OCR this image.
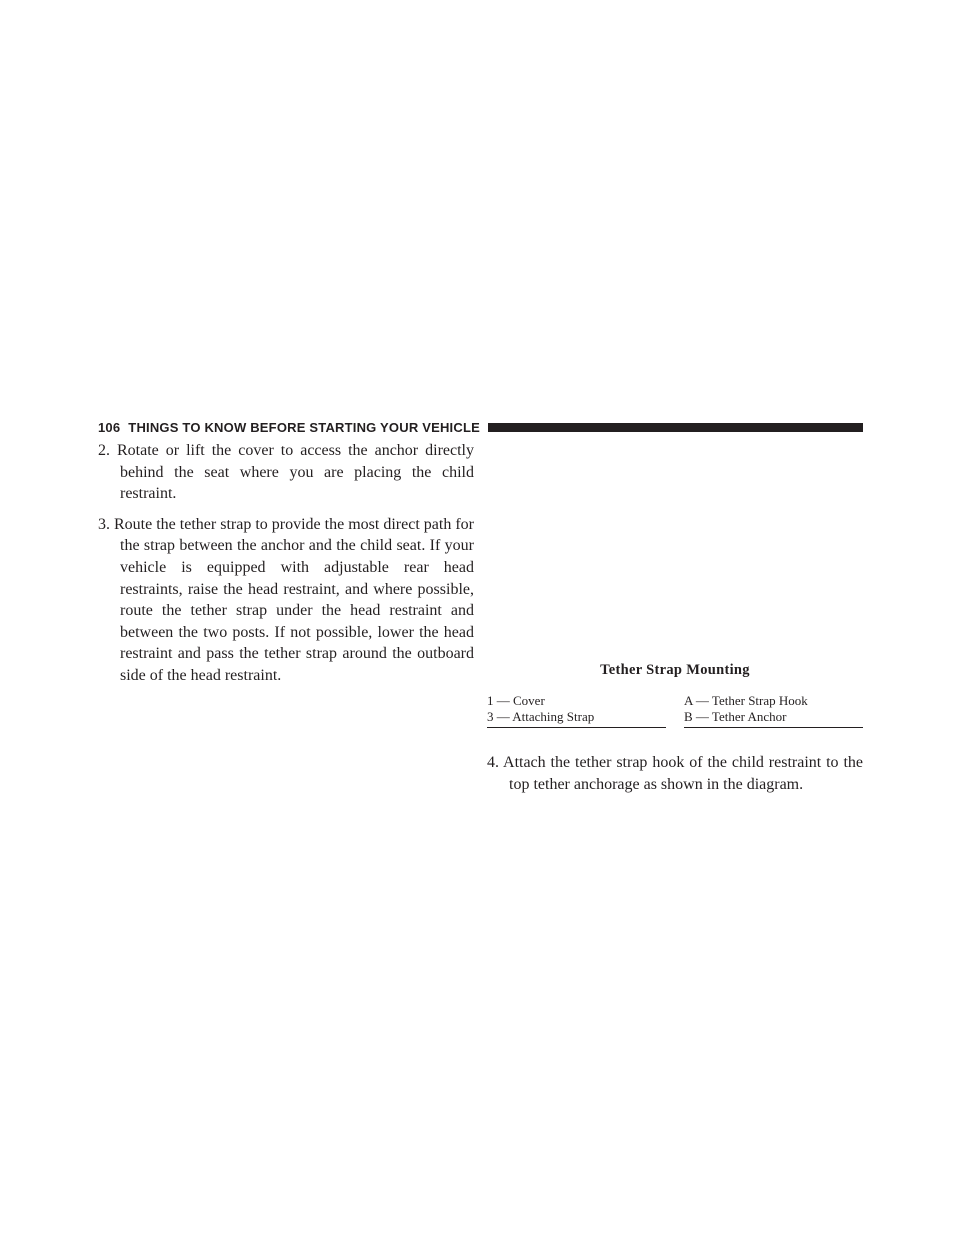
106 THINGS TO KNOW BEFORE STARTING YOUR VEHICLE

2. Rotate or lift the cover to access the anchor directly behind the seat where you are placing the child restraint.

3. Route the tether strap to provide the most direct path for the strap between the anchor and the child seat. If your vehicle is equipped with adjustable rear head restraints, raise the head restraint, and where possible, route the tether strap under the head restraint and between the two posts. If not possible, lower the head restraint and pass the tether strap around the outboard side of the head restraint.	Tether Strap Mounting
1 — Cover
3 — Attaching Strap
A — Tether Strap Hook
B — Tether Anchor

4. Attach the tether strap hook of the child restraint to the top tether anchorage as shown in the diagram.
